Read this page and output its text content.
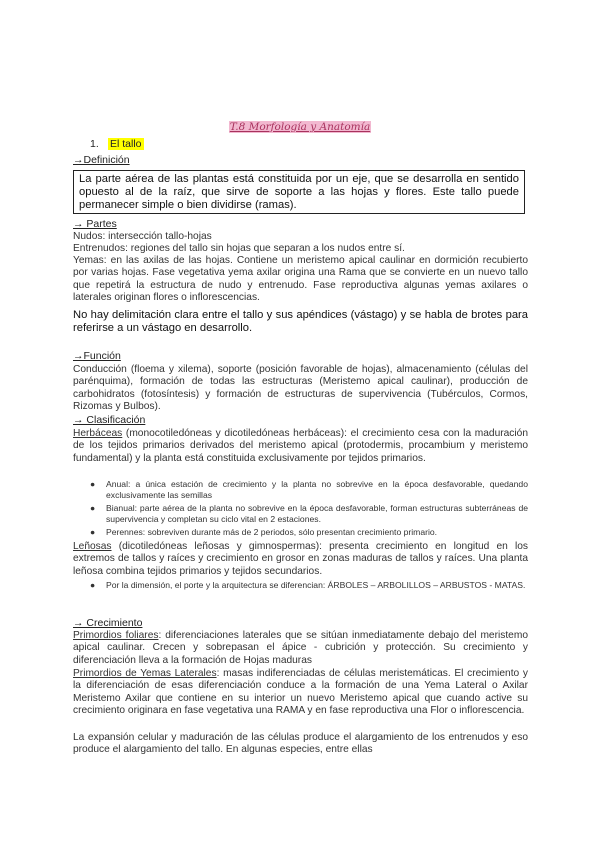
T.8 Morfología y Anatomía
1. El tallo
→Definición
La parte aérea de las plantas está constituida por un eje, que se desarrolla en sentido opuesto al de la raíz, que sirve de soporte a las hojas y flores. Este tallo puede permanecer simple o bien dividirse (ramas).
→ Partes
Nudos: intersección tallo-hojas
Entrenudos: regiones del tallo sin hojas que separan a los nudos entre sí.
Yemas: en las axilas de las hojas. Contiene un meristemo apical caulinar en dormición recubierto por varias hojas. Fase vegetativa yema axilar origina una Rama que se convierte en un nuevo tallo que repetirá la estructura de nudo y entrenudo. Fase reproductiva algunas yemas axilares o laterales originan flores o inflorescencias.
No hay delimitación clara entre el tallo y sus apéndices (vástago) y se habla de brotes para referirse a un vástago en desarrollo.
→Función
Conducción (floema y xilema), soporte (posición favorable de hojas), almacenamiento (células del parénquima), formación de todas las estructuras (Meristemo apical caulinar), producción de carbohidratos (fotosíntesis) y formación de estructuras de supervivencia (Tubérculos, Cormos, Rizomas y Bulbos).
→ Clasificación
Herbáceas (monocotiledóneas y dicotiledóneas herbáceas): el crecimiento cesa con la maduración de los tejidos primarios derivados del meristemo apical (protodermis, procambium y meristemo fundamental) y la planta está constituida exclusivamente por tejidos primarios.
● Anual: a única estación de crecimiento y la planta no sobrevive en la época desfavorable, quedando exclusivamente las semillas
● Bianual: parte aérea de la planta no sobrevive en la época desfavorable, forman estructuras subterráneas de supervivencia y completan su ciclo vital en 2 estaciones.
● Perennes: sobreviven durante más de 2 periodos, sólo presentan crecimiento primario.
Leñosas (dicotiledóneas leñosas y gimnospermas): presenta crecimiento en longitud en los extremos de tallos y raíces y crecimiento en grosor en zonas maduras de tallos y raíces. Una planta leñosa combina tejidos primarios y tejidos secundarios.
● Por la dimensión, el porte y la arquitectura se diferencian: ÁRBOLES – ARBOLILLOS – ARBUSTOS - MATAS.
→ Crecimiento
Primordios foliares: diferenciaciones laterales que se sitúan inmediatamente debajo del meristemo apical caulinar. Crecen y sobrepasan el ápice - cubrición y protección. Su crecimiento y diferenciación lleva a la formación de Hojas maduras
Primordios de Yemas Laterales: masas indiferenciadas de células meristemáticas. El crecimiento y la diferenciación de esas diferenciación conduce a la formación de una Yema Lateral o Axilar Meristemo Axilar que contiene en su interior un nuevo Meristemo apical que cuando active su crecimiento originara en fase vegetativa una RAMA y en fase reproductiva una Flor o inflorescencia.
La expansión celular y maduración de las células produce el alargamiento de los entrenudos y eso produce el alargamiento del tallo. En algunas especies, entre ellas
